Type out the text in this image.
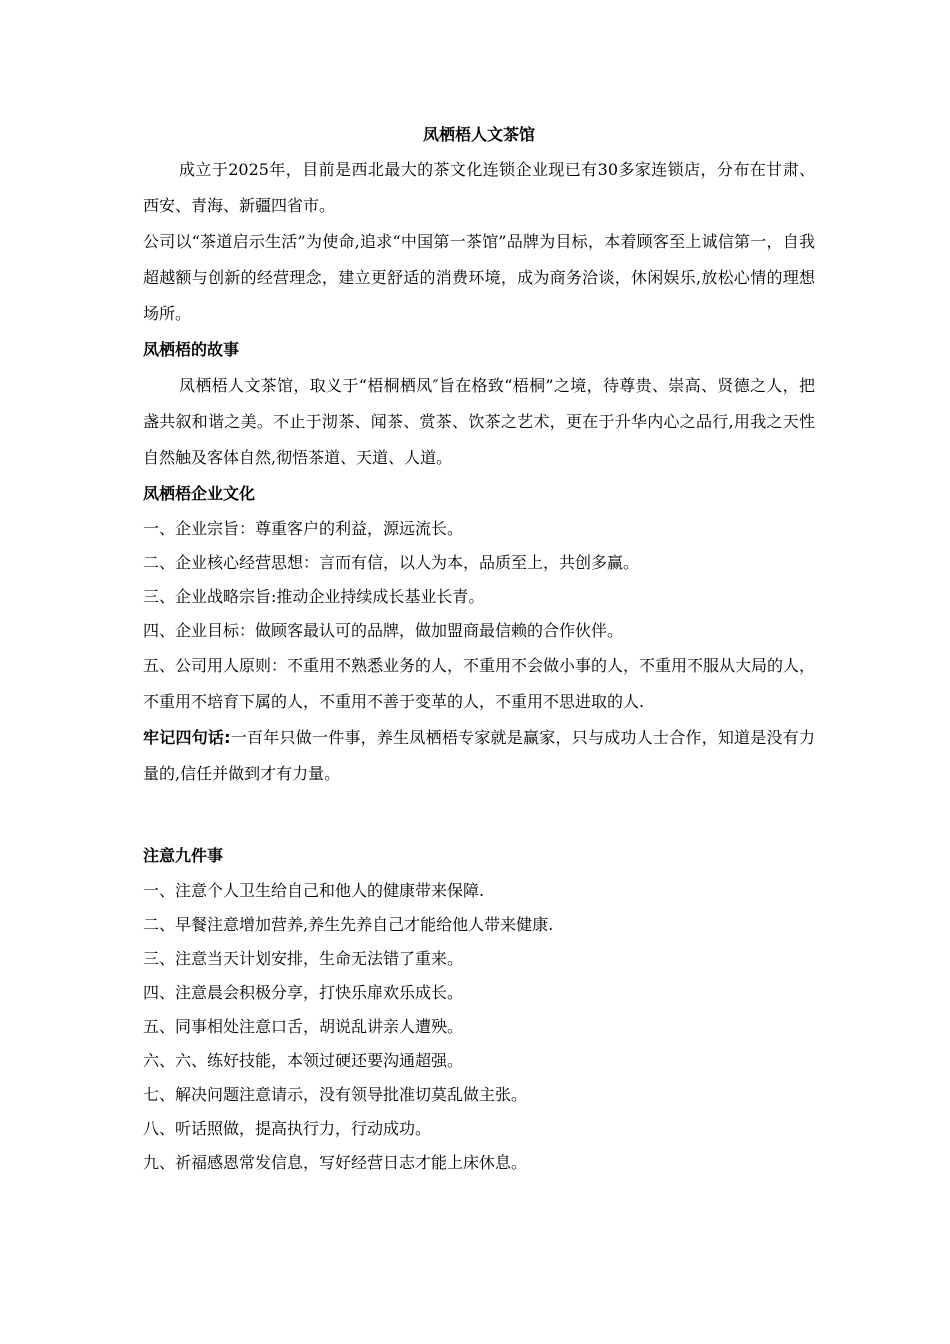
凤栖梧人文茶馆

成立于2025年，目前是西北最大的茶文化连锁企业现已有30多家连锁店，分布在甘肃、西安、青海、新疆四省市。

公司以“茶道启示生活”为使命,追求“中国第一茶馆”品牌为目标，本着顾客至上诚信第一，自我超越额与创新的经营理念，建立更舒适的消费环境，成为商务洽谈，休闲娱乐,放松心情的理想场所。

凤栖梧的故事

凤栖梧人文茶馆，取义于“梧桐栖凤″旨在格致“梧桐”之境，待尊贵、崇高、贤德之人，把盏共叙和谐之美。不止于沏茶、闻茶、赏茶、饮茶之艺术，更在于升华内心之品行,用我之天性自然触及客体自然,彻悟茶道、天道、人道。

凤栖梧企业文化

一、企业宗旨：尊重客户的利益，源远流长。

二、企业核心经营思想：言而有信，以人为本，品质至上，共创多赢。

三、企业战略宗旨:推动企业持续成长基业长青。

四、企业目标：做顾客最认可的品牌，做加盟商最信赖的合作伙伴。

五、公司用人原则：不重用不熟悉业务的人，不重用不会做小事的人，不重用不服从大局的人，不重用不培育下属的人，不重用不善于变革的人，不重用不思进取的人.

牢记四句话:一百年只做一件事，养生凤栖梧专家就是赢家，只与成功人士合作，知道是没有力量的,信任并做到才有力量。

注意九件事

一、注意个人卫生给自己和他人的健康带来保障.

二、早餐注意增加营养,养生先养自己才能给他人带来健康.

三、注意当天计划安排，生命无法错了重来。

四、注意晨会积极分享，打快乐扉欢乐成长。

五、同事相处注意口舌，胡说乱讲亲人遭殃。

六、六、练好技能，本领过硬还要沟通超强。

七、解决问题注意请示，没有领导批准切莫乱做主张。

八、听话照做，提高执行力，行动成功。

九、祈福感恩常发信息，写好经营日志才能上床休息。
